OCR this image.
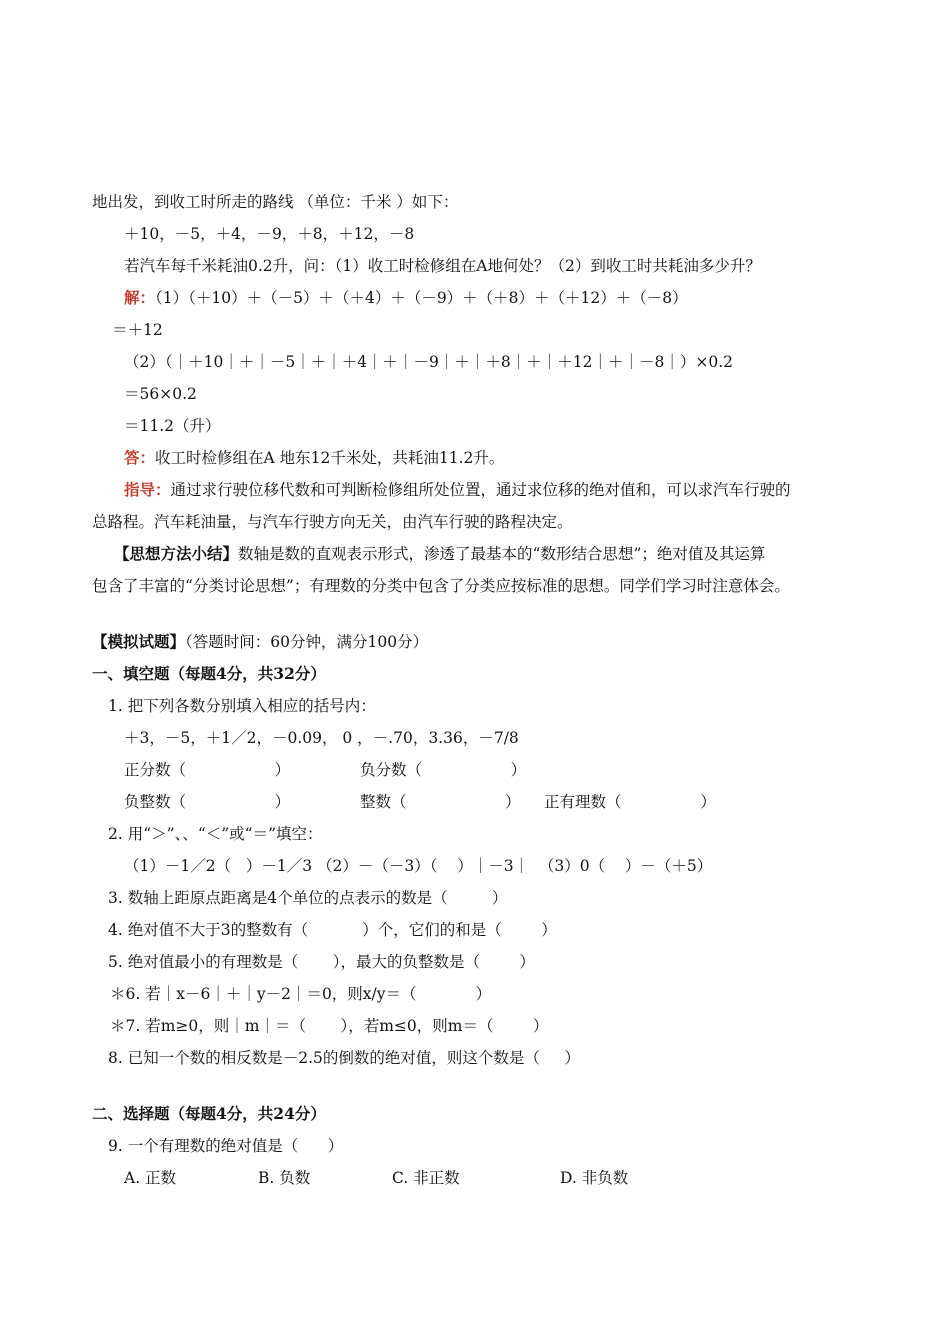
地出发，到收工时所走的路线 （单位：千米 ）如下：
＋10，－5，＋4，－9，＋8，＋12，－8
若汽车每千米耗油0.2升，问：（1）收工时检修组在A地何处？（2）到收工时共耗油多少升？
解：（1）（＋10）＋（－5）＋（＋4）＋（－9）＋（＋8）＋（＋12）＋（－8）
＝＋12
（2）（｜＋10｜＋｜－5｜＋｜＋4｜＋｜－9｜＋｜＋8｜＋｜＋12｜＋｜－8｜）×0.2
＝56×0.2
＝11.2（升）
答：收工时检修组在A 地东12千米处，共耗油11.2升。
指导：通过求行驶位移代数和可判断检修组所处位置，通过求位移的绝对值和，可以求汽车行驶的
总路程。汽车耗油量，与汽车行驶方向无关，由汽车行驶的路程决定。
【思想方法小结】数轴是数的直观表示形式，渗透了最基本的“数形结合思想”；绝对值及其运算
包含了丰富的“分类讨论思想”；有理数的分类中包含了分类应按标准的思想。同学们学习时注意体会。
【模拟试题】（答题时间：60分钟，满分100分）
一、填空题（每题4分，共32分）
1. 把下列各数分别填入相应的括号内：
＋3，－5，＋1／2，－0.09， 0 ，－.70，3.36，－7/8
正分数（                  ）	负分数（                  ）
负整数（                  ）	整数（                    ） 正有理数（                ）
2. 用“＞”、、“＜”或“＝”填空：
（1）－1／2（   ）－1／3 （2）－（－3）（    ）｜－3｜  （3）0（    ）－（＋5）
3. 数轴上距原点距离是4个单位的点表示的数是（         ）
4. 绝对值不大于3的整数有（           ）个，它们的和是（        ）
5. 绝对值最小的有理数是（       ），最大的负整数是（        ）
＊6. 若｜x－6｜＋｜y－2｜＝0，则x/y＝（            ）
＊7. 若m≥0，则｜m｜＝（       ），若m≤0，则m＝（        ）
8. 已知一个数的相反数是－2.5的倒数的绝对值，则这个数是（     ）
二、选择题（每题4分，共24分）
9. 一个有理数的绝对值是（      ）
A. 正数	B. 负数	C. 非正数	D. 非负数
